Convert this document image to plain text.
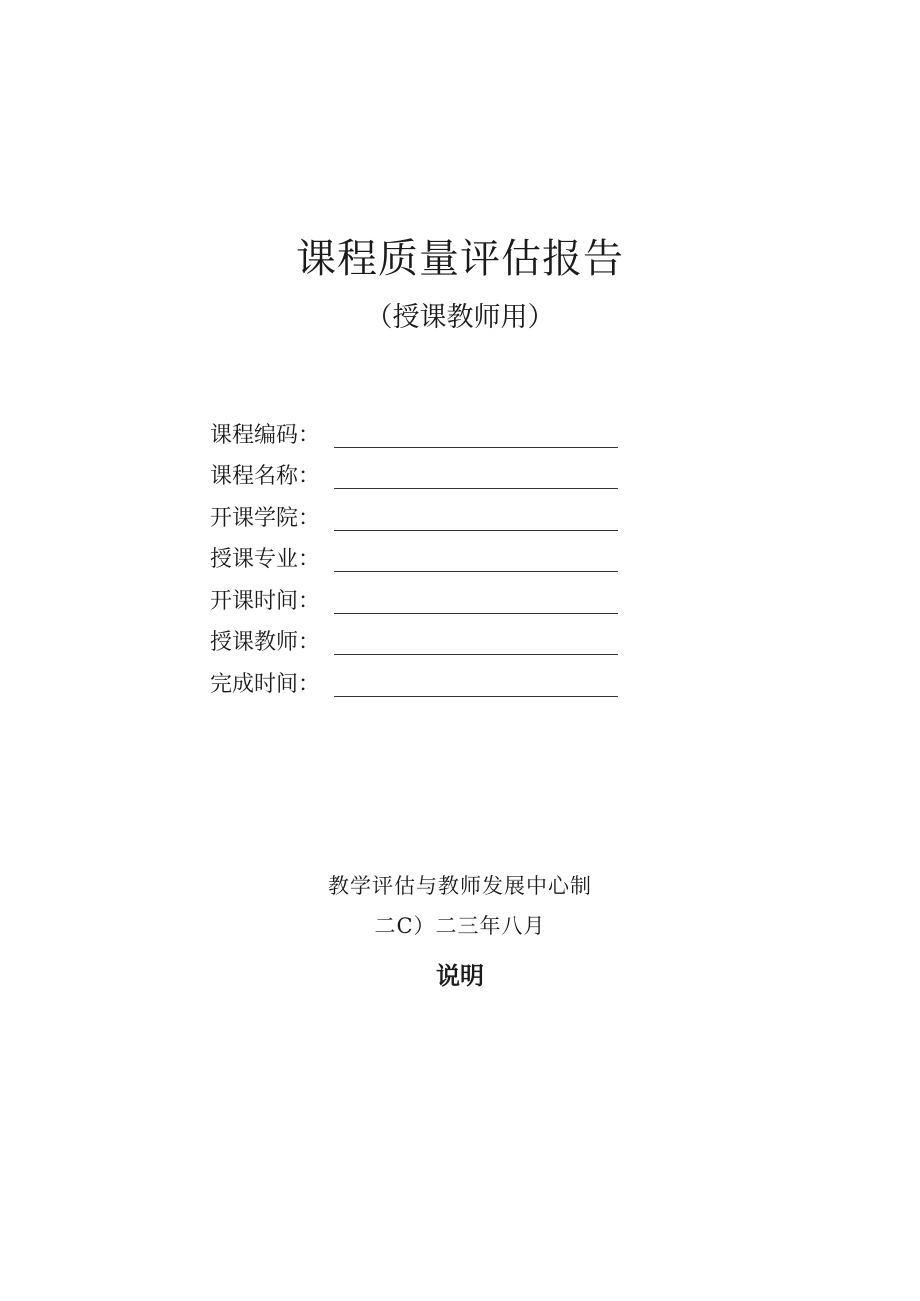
课程质量评估报告
（授课教师用）
课程编码：
课程名称：
开课学院：
授课专业：
开课时间：
授课教师：
完成时间：
教学评估与教师发展中心制
二C）二三年八月
说明
